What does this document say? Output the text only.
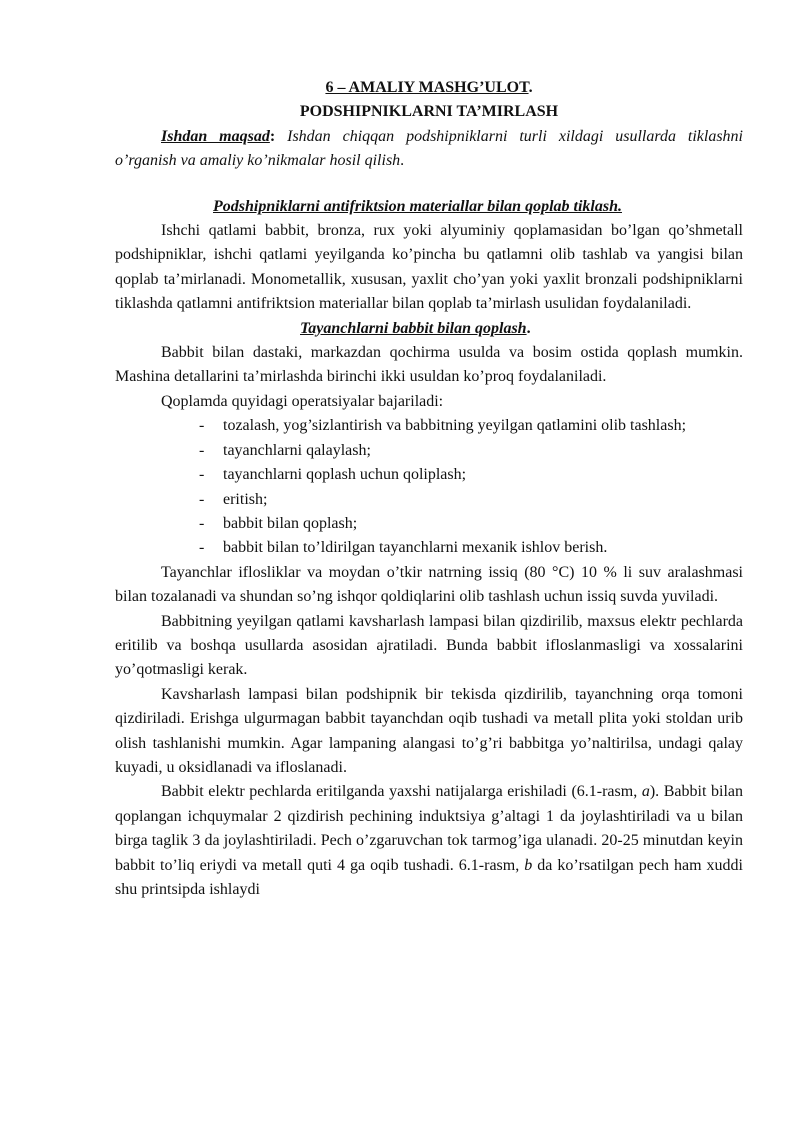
6 – AMALIY MASHG’ULOT.

PODSHIPNIKLARNI TA’MIRLASH

Ishdan maqsad: Ishdan chiqqan podshipniklarni turli xildagi usullarda tiklashni o’rganish va amaliy ko’nikmalar hosil qilish.

Podshipniklarni antifriktsion materiallar bilan qoplab tiklash.

Ishchi qatlami babbit, bronza, rux yoki alyuminiy qoplamasidan bo’lgan qo’shmetall podshipniklar, ishchi qatlami yeyilganda ko’pincha bu qatlamni olib tashlab va yangisi bilan qoplab ta’mirlanadi. Monometallik, xususan, yaxlit cho’yan yoki yaxlit bronzali podshipniklarni tiklashda qatlamni antifriktsion materiallar bilan qoplab ta’mirlash usulidan foydalaniladi.

Tayanchlarni babbit bilan qoplash.

Babbit bilan dastaki, markazdan qochirma usulda va bosim ostida qoplash mumkin. Mashina detallarini ta’mirlashda birinchi ikki usuldan ko’proq foydalaniladi.

Qoplamda quyidagi operatsiyalar bajariladi:

- tozalash, yog’sizlantirish va babbitning yeyilgan qatlamini olib tashlash;
- tayanchlarni qalaylash;
- tayanchlarni qoplash uchun qoliplash;
- eritish;
- babbit bilan qoplash;
- babbit bilan to’ldirilgan tayanchlarni mexanik ishlov berish.

Tayanchlar iflosliklar va moydan o’tkir natrning issiq (80 °C) 10 % li suv aralashmasi bilan tozalanadi va shundan so’ng ishqor qoldiqlarini olib tashlash uchun issiq suvda yuviladi.

Babbitning yeyilgan qatlami kavsharlash lampasi bilan qizdirilib, maxsus elektr pechlarda eritilib va boshqa usullarda asosidan ajratiladi. Bunda babbit ifloslanmasligi va xossalarini yo’qotmasligi kerak.

Kavsharlash lampasi bilan podshipnik bir tekisda qizdirilib, tayanchning orqa tomoni qizdiriladi. Erishga ulgurmagan babbit tayanchdan oqib tushadi va metall plita yoki stoldan urib olish tashlanishi mumkin. Agar lampaning alangasi to’g’ri babbitga yo’naltirilsa, undagi qalay kuyadi, u oksidlanadi va ifloslanadi.

Babbit elektr pechlarda eritilganda yaxshi natijalarga erishiladi (6.1-rasm, a). Babbit bilan qoplangan ichquymalar 2 qizdirish pechining induktsiya g’altagi 1 da joylashtiriladi va u bilan birga taglik 3 da joylashtiriladi. Pech o’zgaruvchan tok tarmog’iga ulanadi. 20-25 minutdan keyin babbit to’liq eriydi va metall quti 4 ga oqib tushadi. 6.1-rasm, b da ko’rsatilgan pech ham xuddi shu printsipda ishlaydi
